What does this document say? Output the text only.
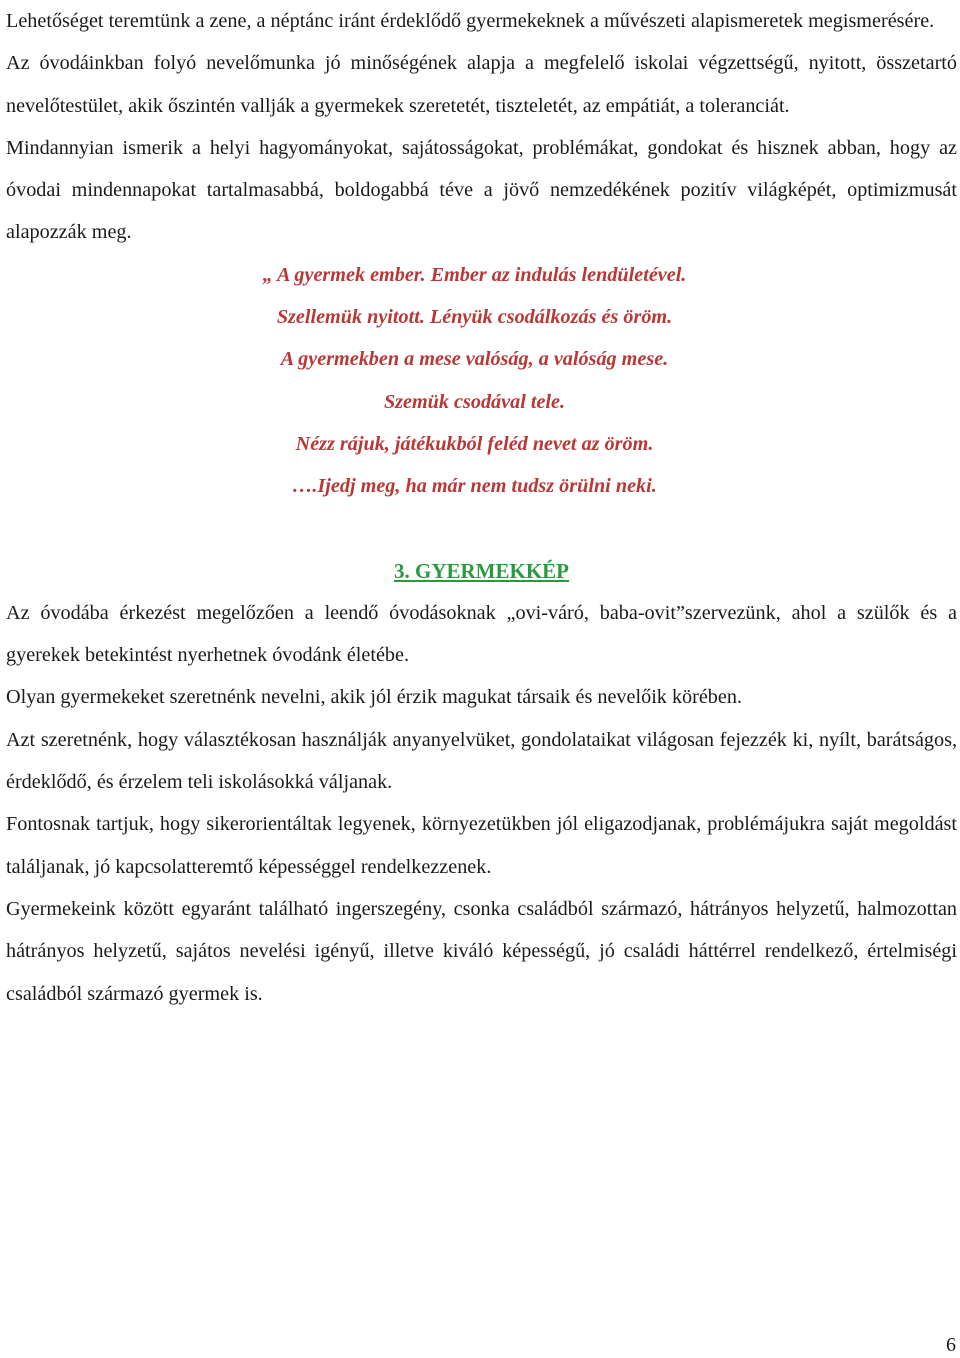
Lehetőséget teremtünk a zene, a néptánc iránt érdeklődő gyermekeknek a művészeti alapismeretek megismerésére.

Az óvodáinkban folyó nevelőmunka jó minőségének alapja a megfelelő iskolai végzettségű, nyitott, összetartó nevelőtestület, akik őszintén vallják a gyermekek szeretetét, tiszteletét, az empátiát, a toleranciát.

Mindannyian ismerik a helyi hagyományokat, sajátosságokat, problémákat, gondokat és hisznek abban, hogy az óvodai mindennapokat tartalmasabbá, boldogabbá téve a jövő nemzedékének pozitív világképét, optimizmusát alapozzák meg.

„ A gyermek ember. Ember az indulás lendületével.
Szellemük nyitott. Lényük csodálkozás és öröm.
A gyermekben a mese valóság, a valóság mese.
Szemük csodával tele.
Nézz rájuk, játékukból feléd nevet az öröm.
….Ijedj meg, ha már nem tudsz örülni neki.
3. GYERMEKKÉP

Az óvodába érkezést megelőzően a leendő óvodásoknak „ovi-váró, baba-ovit”szervezünk, ahol a szülők és a gyerekek betekintést nyerhetnek óvodánk életébe.

Olyan gyermekeket szeretnénk nevelni, akik jól érzik magukat társaik és nevelőik körében.

Azt szeretnénk, hogy választékosan használják anyanyelvüket, gondolataikat világosan fejezzék ki, nyílt, barátságos, érdeklődő, és érzelem teli iskolásokká váljanak.

Fontosnak tartjuk, hogy sikerorientáltak legyenek, környezetükben jól eligazodjanak, problémájukra saját megoldást találjanak, jó kapcsolatteremtő képességgel rendelkezzenek.

Gyermekeink között egyaránt található ingerszegény, csonka családból származó, hátrányos helyzetű, halmozottan hátrányos helyzetű, sajátos nevelési igényű, illetve kiváló képességű, jó családi háttérrel rendelkező, értelmiségi családból származó gyermek is.

6
